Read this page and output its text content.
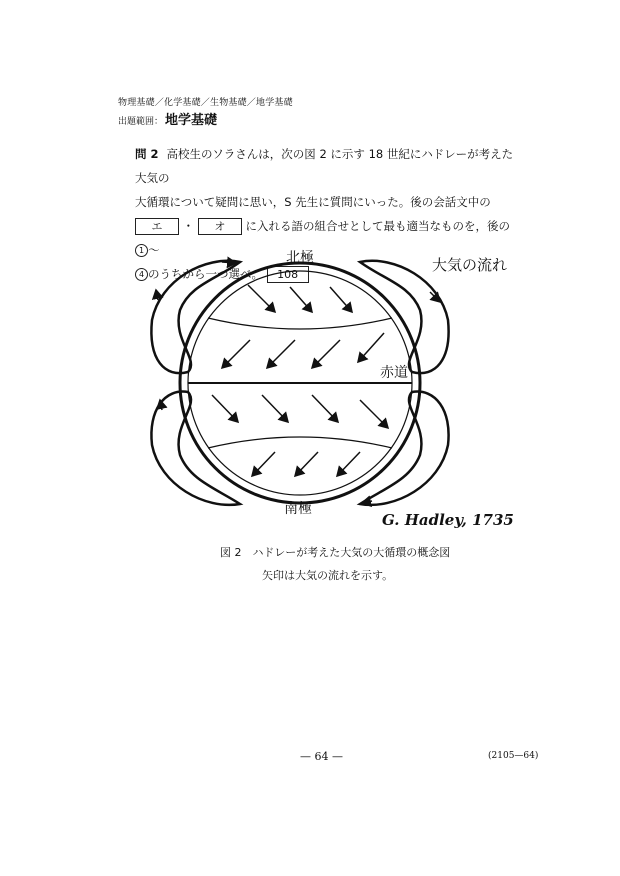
物理基礎／化学基礎／生物基礎／地学基礎
出題範囲： 地学基礎
問 2 高校生のソラさんは，次の図 2 に示す 18 世紀にハドレーが考えた大気の
大循環について疑問に思い，S 先生に質問にいった。後の会話文中の
エ ・ オ に入れる語の組合せとして最も適当なものを，後の1 ～
4 のうちから一つ選べ。 108
北極	大気の流れ
赤道
南極
G. Hadley, 1735
図 2　ハドレーが考えた大気の大循環の概念図
矢印は大気の流れを示す。
— 64 —	(2105—64)
